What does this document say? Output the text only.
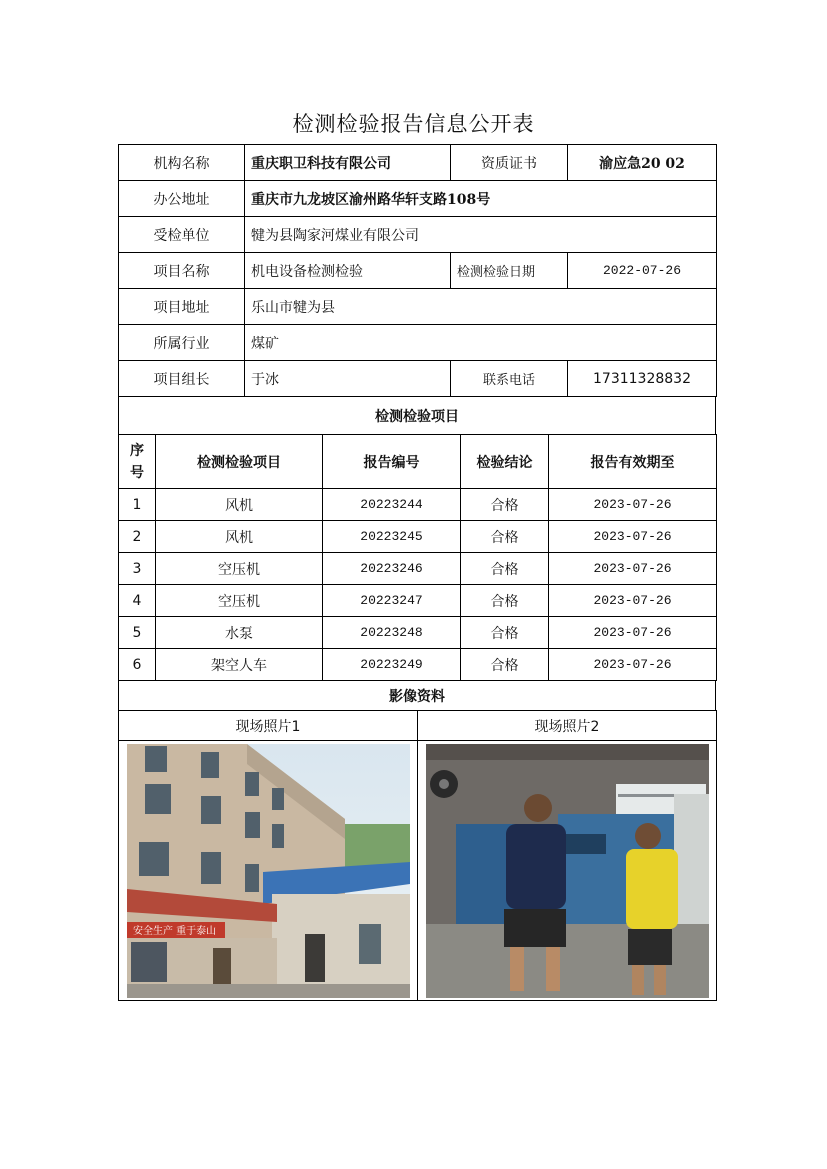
检测检验报告信息公开表
机构名称	重庆职卫科技有限公司	资质证书	渝应急20 02
办公地址	重庆市九龙坡区渝州路华轩支路108号		
受检单位	犍为县陶家河煤业有限公司		
项目名称	机电设备检测检验	检测检验日期	2022-07-26
项目地址	乐山市犍为县		
所属行业	煤矿		
项目组长	于冰	联系电话	17311328832
检测检验项目
序号	检测检验项目	报告编号	检验结论	报告有效期至
1	风机	20223244	合格	2023-07-26
2	风机	20223245	合格	2023-07-26
3	空压机	20223246	合格	2023-07-26
4	空压机	20223247	合格	2023-07-26
5	水泵	20223248	合格	2023-07-26
6	架空人车	20223249	合格	2023-07-26
影像资料
现场照片1	现场照片2

安全生产 重于泰山
